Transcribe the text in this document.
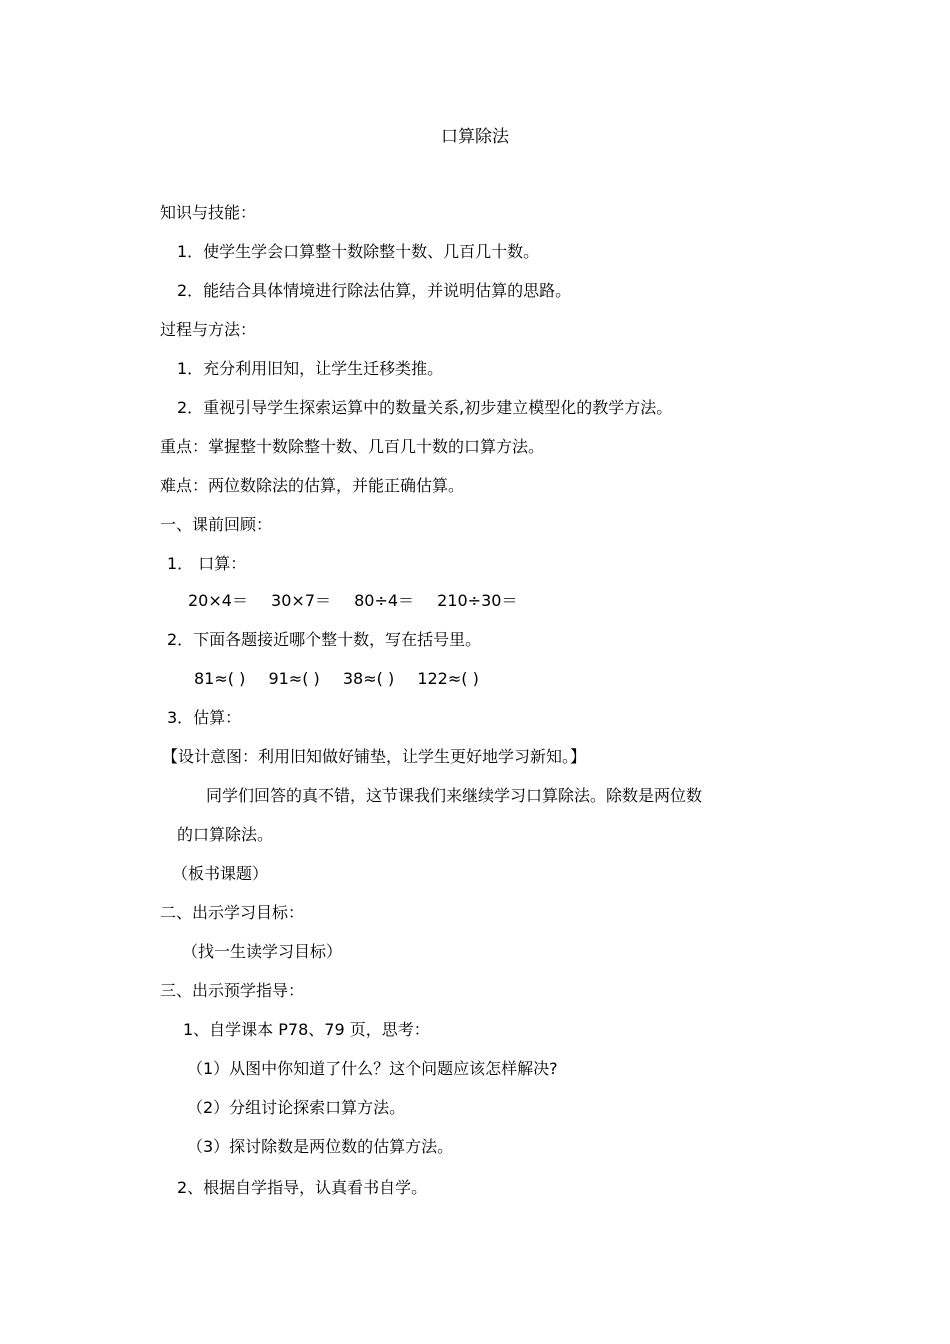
口算除法
知识与技能：
1．使学生学会口算整十数除整十数、几百几十数。
2．能结合具体情境进行除法估算，并说明估算的思路。
过程与方法：
1．充分利用旧知，让学生迁移类推。
2．重视引导学生探索运算中的数量关系,初步建立模型化的教学方法。
重点：掌握整十数除整十数、几百几十数的口算方法。
难点：两位数除法的估算，并能正确估算。
一、课前回顾：
1． 口算：
20×4＝ 30×7＝ 80÷4＝ 210÷30＝
2．下面各题接近哪个整十数，写在括号里。
81≈( ) 91≈( ) 38≈( ) 122≈( )
3．估算：
【设计意图：利用旧知做好铺垫，让学生更好地学习新知。】
同学们回答的真不错，这节课我们来继续学习口算除法。除数是两位数
的口算除法。
（板书课题）
二、出示学习目标：
（找一生读学习目标）
三、出示预学指导：
1、自学课本 P78、79 页，思考：
（1）从图中你知道了什么？这个问题应该怎样解决?
（2）分组讨论探索口算方法。
（3）探讨除数是两位数的估算方法。
2、根据自学指导，认真看书自学。
